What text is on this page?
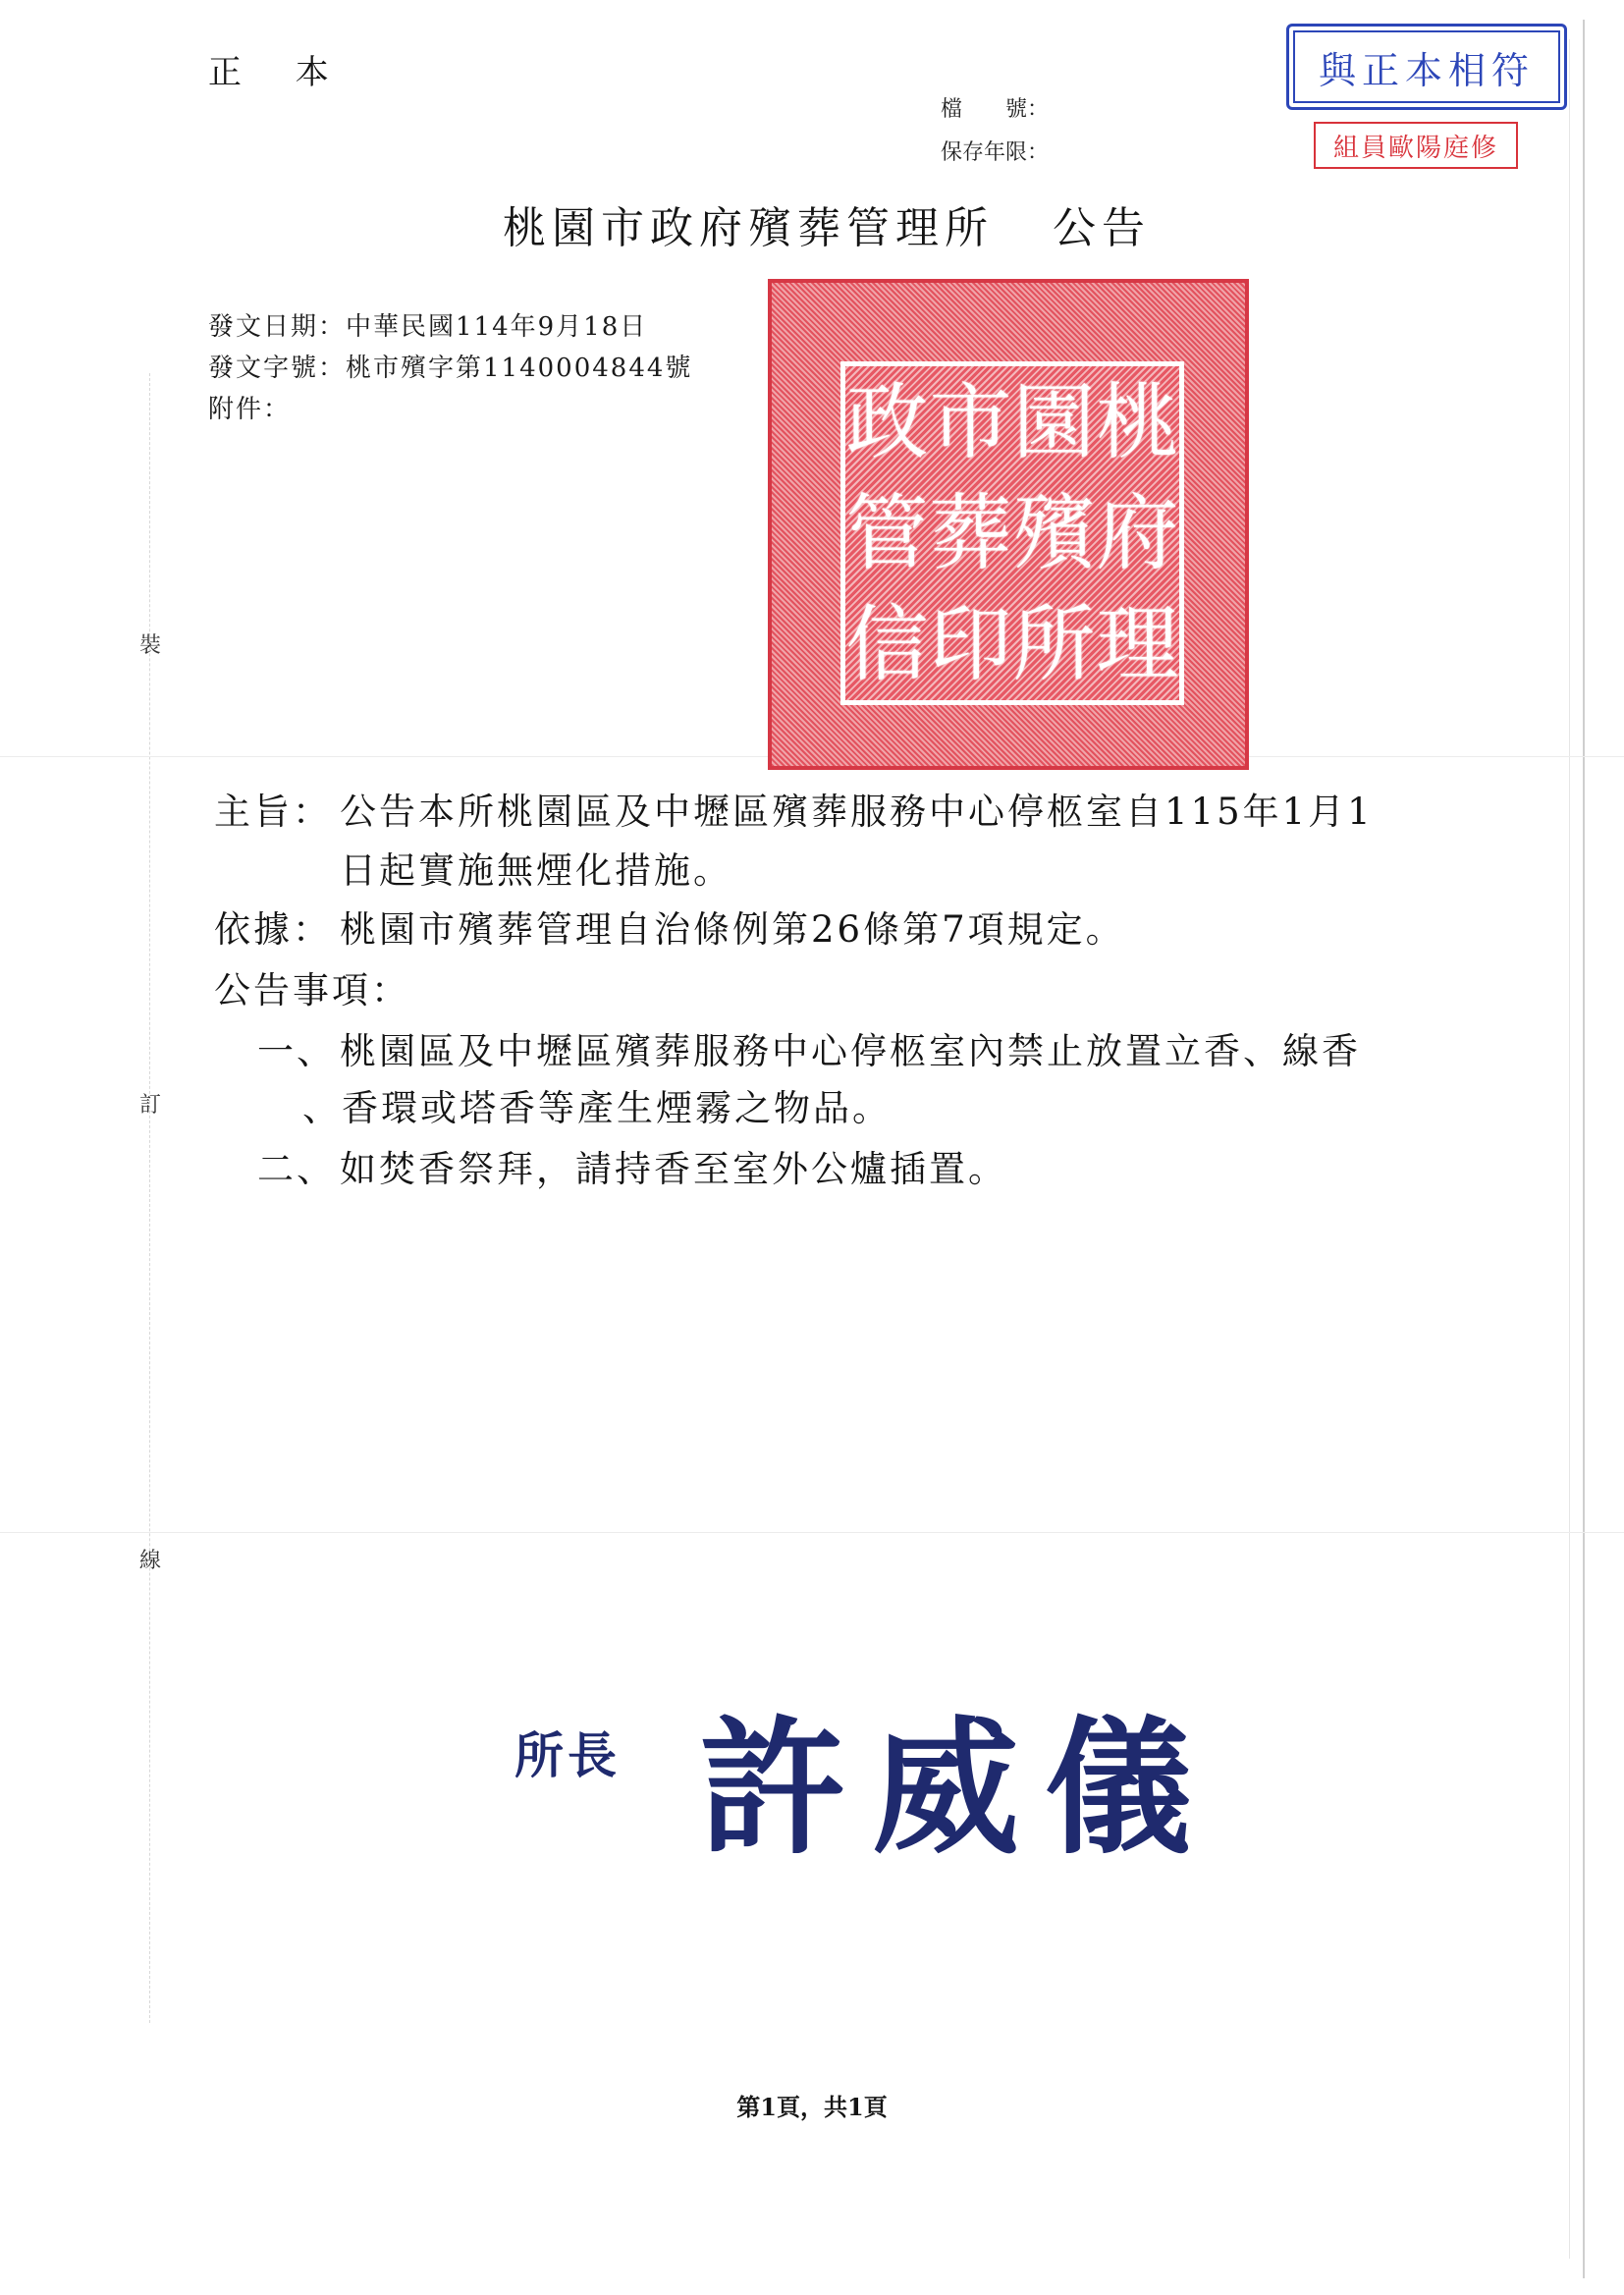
正 本
檔　　號：
保存年限：
與正本相符
組員歐陽庭修
桃園市政府殯葬管理所 公告
發文日期：中華民國114年9月18日
發文字號：桃市殯字第1140004844號
附件：	桃
園
市
政
府
殯
葬
管
理
所
印
信
裝
訂
線
主旨： 公告本所桃園區及中壢區殯葬服務中心停柩室自115年1月1
日起實施無煙化措施。
依據： 桃園市殯葬管理自治條例第26條第7項規定。
公告事項：
一、 桃園區及中壢區殯葬服務中心停柩室內禁止放置立香、線香
、香環或塔香等產生煙霧之物品。
二、 如焚香祭拜，請持香至室外公爐插置。
所長 許威儀
第1頁，共1頁
